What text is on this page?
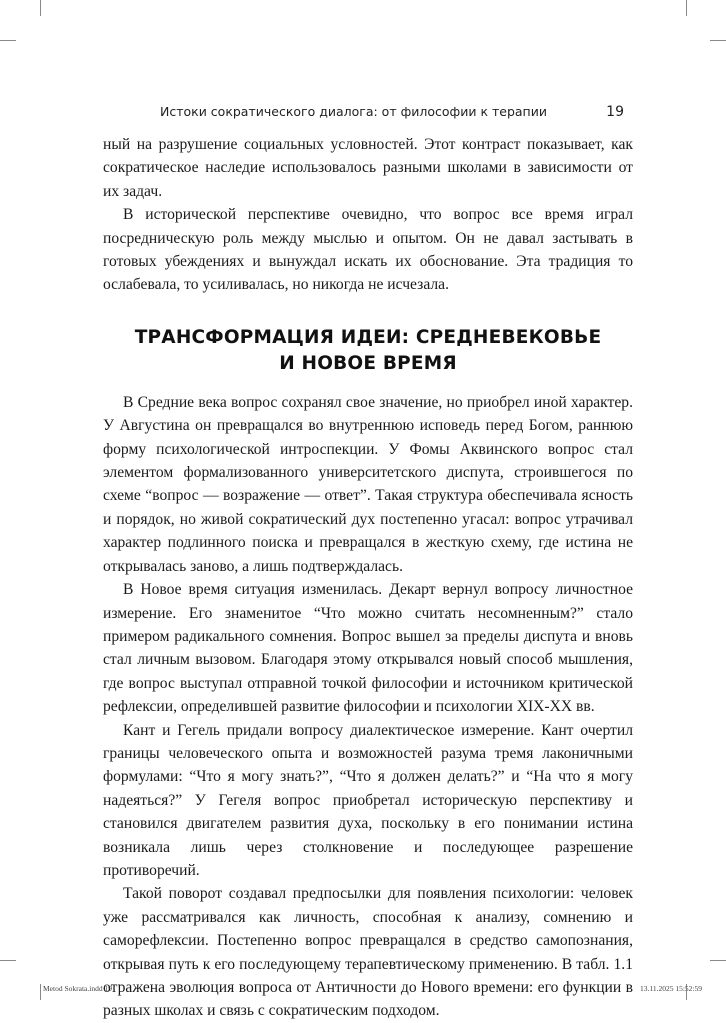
Истоки сократического диалога: от философии к терапии	19

ный на разрушение социальных условностей. Этот контраст показывает, как сократическое наследие использовалось разными школами в зависимости от их задач.

В исторической перспективе очевидно, что вопрос все время играл посредническую роль между мыслью и опытом. Он не давал застывать в готовых убеждениях и вынуждал искать их обоснование. Эта традиция то ослабевала, то усиливалась, но никогда не исчезала.

ТРАНСФОРМАЦИЯ ИДЕИ: СРЕДНЕВЕКОВЬЕ
И НОВОЕ ВРЕМЯ

В Средние века вопрос сохранял свое значение, но приобрел иной характер. У Августина он превращался во внутреннюю исповедь перед Богом, раннюю форму психологической интроспекции. У Фомы Аквинского вопрос стал элементом формализованного университетского диспута, строившегося по схеме “вопрос — возражение — ответ”. Такая структура обеспечивала ясность и порядок, но живой сократический дух постепенно угасал: вопрос утрачивал характер подлинного поиска и превращался в жесткую схему, где истина не открывалась заново, а лишь подтверждалась.

В Новое время ситуация изменилась. Декарт вернул вопросу личностное измерение. Его знаменитое “Что можно считать несомненным?” стало примером радикального сомнения. Вопрос вышел за пределы диспута и вновь стал личным вызовом. Благодаря этому открывался новый способ мышления, где вопрос выступал отправной точкой философии и источником критической рефлексии, определившей развитие философии и психологии XIX-XX вв.

Кант и Гегель придали вопросу диалектическое измерение. Кант очертил границы человеческого опыта и возможностей разума тремя лаконичными формулами: “Что я могу знать?”, “Что я должен делать?” и “На что я могу надеяться?” У Гегеля вопрос приобретал историческую перспективу и становился двигателем развития духа, поскольку в его понимании истина возникала лишь через столкновение и последующее разрешение противоречий.

Такой поворот создавал предпосылки для появления психологии: человек уже рассматривался как личность, способная к анализу, сомнению и саморефлексии. Постепенно вопрос превращался в средство самопознания, открывая путь к его последующему терапевтическому применению. В табл. 1.1 отражена эволюция вопроса от Античности до Нового времени: его функции в разных школах и связь с сократическим подходом.

Metod Sokrata.indd 19	13.11.2025 15:52:59
